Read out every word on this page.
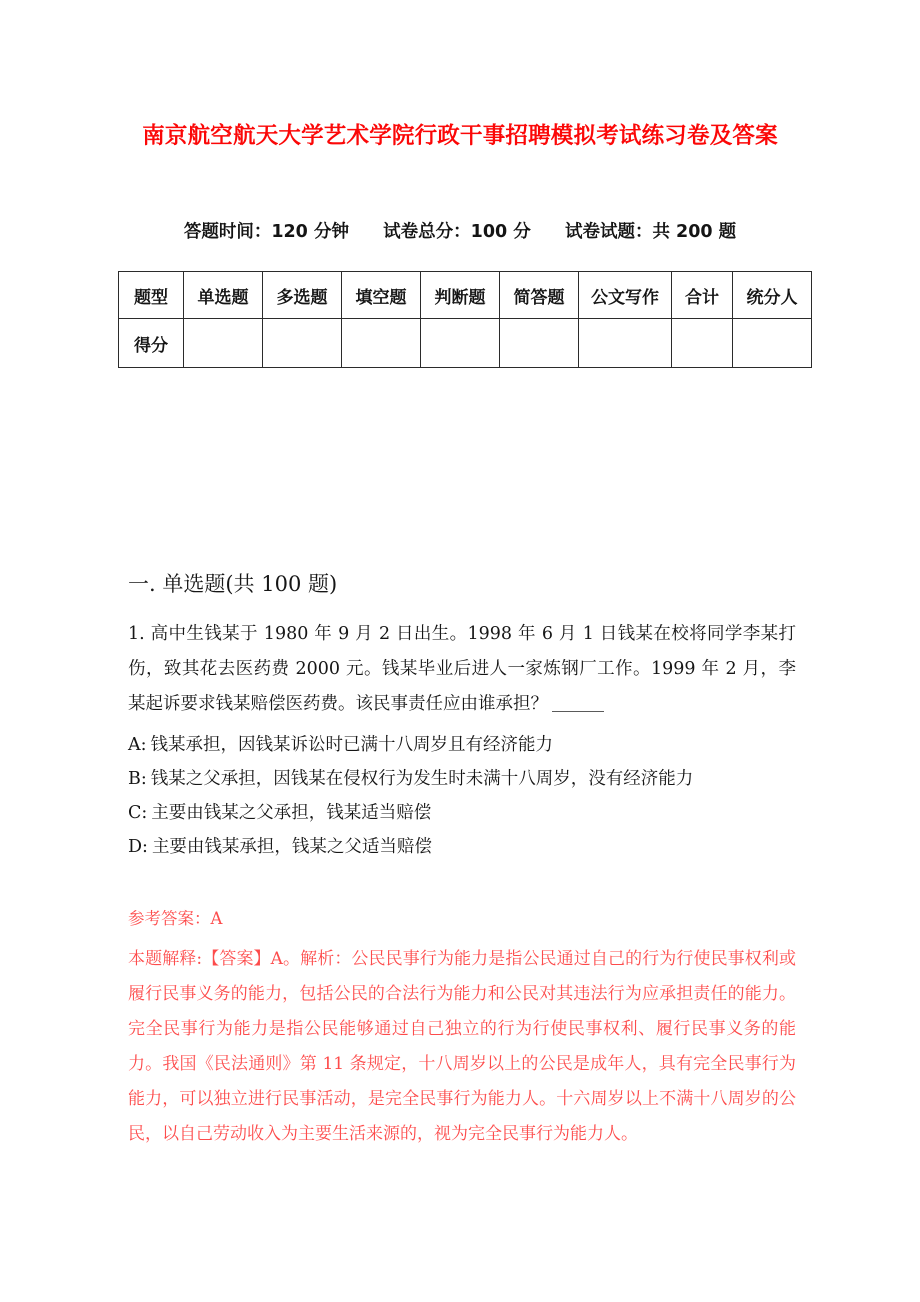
南京航空航天大学艺术学院行政干事招聘模拟考试练习卷及答案
答题时间：120 分钟 试卷总分：100 分 试卷试题：共 200 题
题型	单选题	多选题	填空题	判断题	简答题	公文写作	合计	统分人
得分								
一. 单选题(共 100 题)
1. 高中生钱某于 1980 年 9 月 2 日出生。1998 年 6 月 1 日钱某在校将同学李某打伤，致其花去医药费 2000 元。钱某毕业后进人一家炼钢厂工作。1999 年 2 月，李某起诉要求钱某赔偿医药费。该民事责任应由谁承担？
A: 钱某承担，因钱某诉讼时已满十八周岁且有经济能力
B: 钱某之父承担，因钱某在侵权行为发生时未满十八周岁，没有经济能力
C: 主要由钱某之父承担，钱某适当赔偿
D: 主要由钱某承担，钱某之父适当赔偿
参考答案：A
本题解释:【答案】A。解析：公民民事行为能力是指公民通过自己的行为行使民事权利或履行民事义务的能力，包括公民的合法行为能力和公民对其违法行为应承担责任的能力。完全民事行为能力是指公民能够通过自己独立的行为行使民事权利、履行民事义务的能力。我国《民法通则》第 11 条规定，十八周岁以上的公民是成年人，具有完全民事行为能力，可以独立进行民事活动，是完全民事行为能力人。十六周岁以上不满十八周岁的公民，以自己劳动收入为主要生活来源的，视为完全民事行为能力人。
